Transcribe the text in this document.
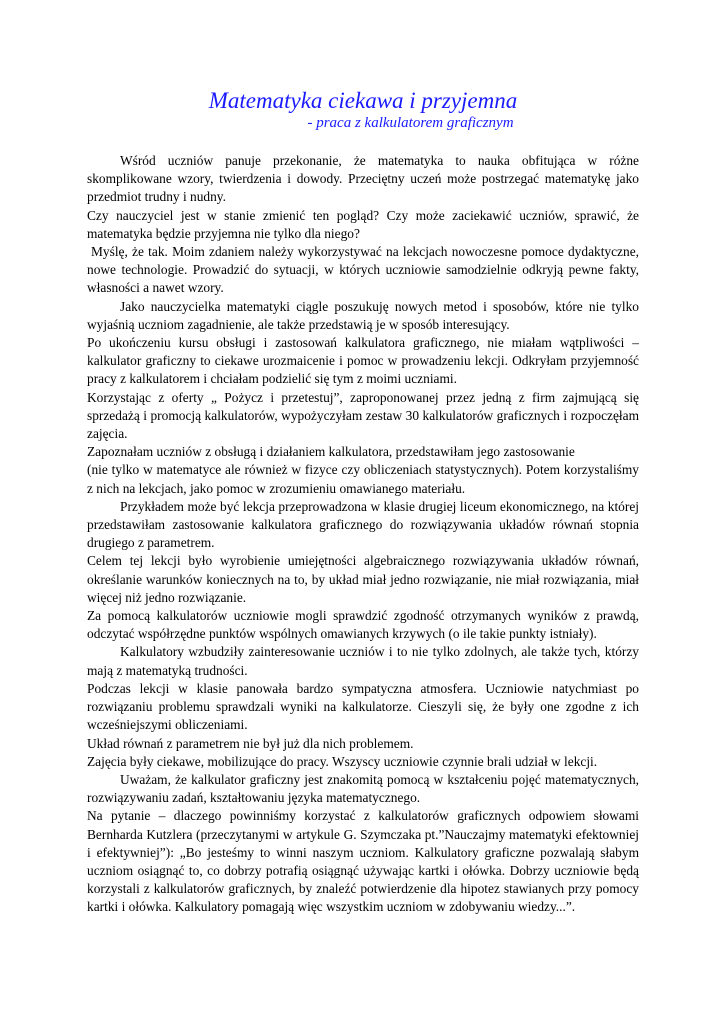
Matematyka ciekawa i przyjemna
- praca z kalkulatorem graficznym

Wśród uczniów panuje przekonanie, że matematyka to nauka obfitująca w różne skomplikowane wzory, twierdzenia i dowody. Przeciętny uczeń może postrzegać matematykę jako przedmiot trudny i nudny.

Czy nauczyciel jest w stanie zmienić ten pogląd? Czy może zaciekawić uczniów, sprawić, że matematyka będzie przyjemna nie tylko dla niego?

Myślę, że tak. Moim zdaniem należy wykorzystywać na lekcjach nowoczesne pomoce dydaktyczne, nowe technologie. Prowadzić do sytuacji, w których uczniowie samodzielnie odkryją pewne fakty, własności a nawet wzory.

Jako nauczycielka matematyki ciągle poszukuję nowych metod i sposobów, które nie tylko wyjaśnią uczniom zagadnienie, ale także przedstawią je w sposób interesujący.

Po ukończeniu kursu obsługi i zastosowań kalkulatora graficznego, nie miałam wątpliwości – kalkulator graficzny to ciekawe urozmaicenie i pomoc w prowadzeniu lekcji. Odkryłam przyjemność pracy z kalkulatorem i chciałam podzielić się tym z moimi uczniami.

Korzystając z oferty „ Pożycz i przetestuj”, zaproponowanej przez jedną z firm zajmującą się sprzedażą i promocją kalkulatorów, wypożyczyłam zestaw 30 kalkulatorów graficznych i rozpoczęłam zajęcia.

Zapoznałam uczniów z obsługą i działaniem kalkulatora, przedstawiłam jego zastosowanie

(nie tylko w matematyce ale również w fizyce czy obliczeniach statystycznych). Potem korzystaliśmy z nich na lekcjach, jako pomoc w zrozumieniu omawianego materiału.

Przykładem może być lekcja przeprowadzona w klasie drugiej liceum ekonomicznego, na której przedstawiłam zastosowanie kalkulatora graficznego do rozwiązywania układów równań stopnia drugiego z parametrem.

Celem tej lekcji było wyrobienie umiejętności algebraicznego rozwiązywania układów równań, określanie warunków koniecznych na to, by układ miał jedno rozwiązanie, nie miał rozwiązania, miał więcej niż jedno rozwiązanie.

Za pomocą kalkulatorów uczniowie mogli sprawdzić zgodność otrzymanych wyników z prawdą, odczytać współrzędne punktów wspólnych omawianych krzywych (o ile takie punkty istniały).

Kalkulatory wzbudziły zainteresowanie uczniów i to nie tylko zdolnych, ale także tych, którzy mają z matematyką trudności.

Podczas lekcji w klasie panowała bardzo sympatyczna atmosfera. Uczniowie natychmiast po rozwiązaniu problemu sprawdzali wyniki na kalkulatorze. Cieszyli się, że były one zgodne z ich wcześniejszymi obliczeniami.

Układ równań z parametrem nie był już dla nich problemem.

Zajęcia były ciekawe, mobilizujące do pracy. Wszyscy uczniowie czynnie brali udział w lekcji.

Uważam, że kalkulator graficzny jest znakomitą pomocą w kształceniu pojęć matematycznych, rozwiązywaniu zadań, kształtowaniu języka matematycznego.

Na pytanie – dlaczego powinniśmy korzystać z kalkulatorów graficznych odpowiem słowami Bernharda Kutzlera (przeczytanymi w artykule G. Szymczaka pt.”Nauczajmy matematyki efektowniej i efektywniej”): „Bo jesteśmy to winni naszym uczniom. Kalkulatory graficzne pozwalają słabym uczniom osiągnąć to, co dobrzy potrafią osiągnąć używając kartki i ołówka. Dobrzy uczniowie będą korzystali z kalkulatorów graficznych, by znaleźć potwierdzenie dla hipotez stawianych przy pomocy kartki i ołówka. Kalkulatory pomagają więc wszystkim uczniom w zdobywaniu wiedzy...”.
